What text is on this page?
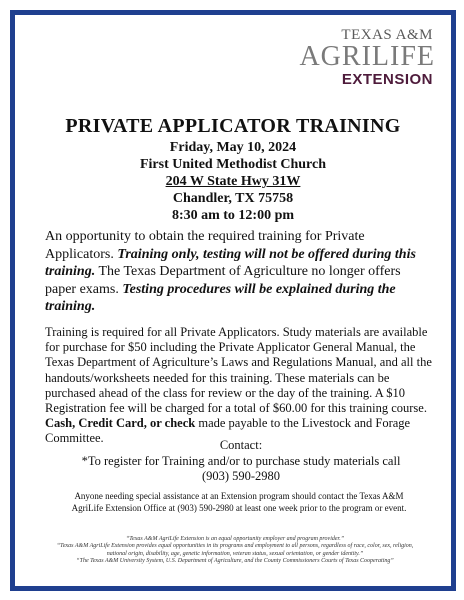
TEXAS A&M
AGRILIFE
EXTENSION
PRIVATE APPLICATOR TRAINING
Friday, May 10, 2024
First United Methodist Church
204 W State Hwy 31W
Chandler, TX 75758
8:30 am to 12:00 pm
An opportunity to obtain the required training for Private Applicators. Training only, testing will not be offered during this training. The Texas Department of Agriculture no longer offers paper exams. Testing procedures will be explained during the training.
Training is required for all Private Applicators. Study materials are available for purchase for $50 including the Private Applicator General Manual, the Texas Department of Agriculture’s Laws and Regulations Manual, and all the handouts/worksheets needed for this training. These materials can be purchased ahead of the class for review or the day of the training. A $10 Registration fee will be charged for a total of $60.00 for this training course. Cash, Credit Card, or check made payable to the Livestock and Forage Committee.	Contact:
*To register for Training and/or to purchase study materials call
(903) 590-2980
Anyone needing special assistance at an Extension program should contact the Texas A&M AgriLife Extension Office at (903) 590-2980 at least one week prior to the program or event.
“Texas A&M AgriLife Extension is an equal opportunity employer and program provider.”
“Texas A&M AgriLife Extension provides equal opportunities in its programs and employment to all persons, regardless of race, color, sex, religion, national origin, disability, age, genetic information, veteran status, sexual orientation, or gender identity.”
“The Texas A&M University System, U.S. Department of Agriculture, and the County Commissioners Courts of Texas Cooperating”
